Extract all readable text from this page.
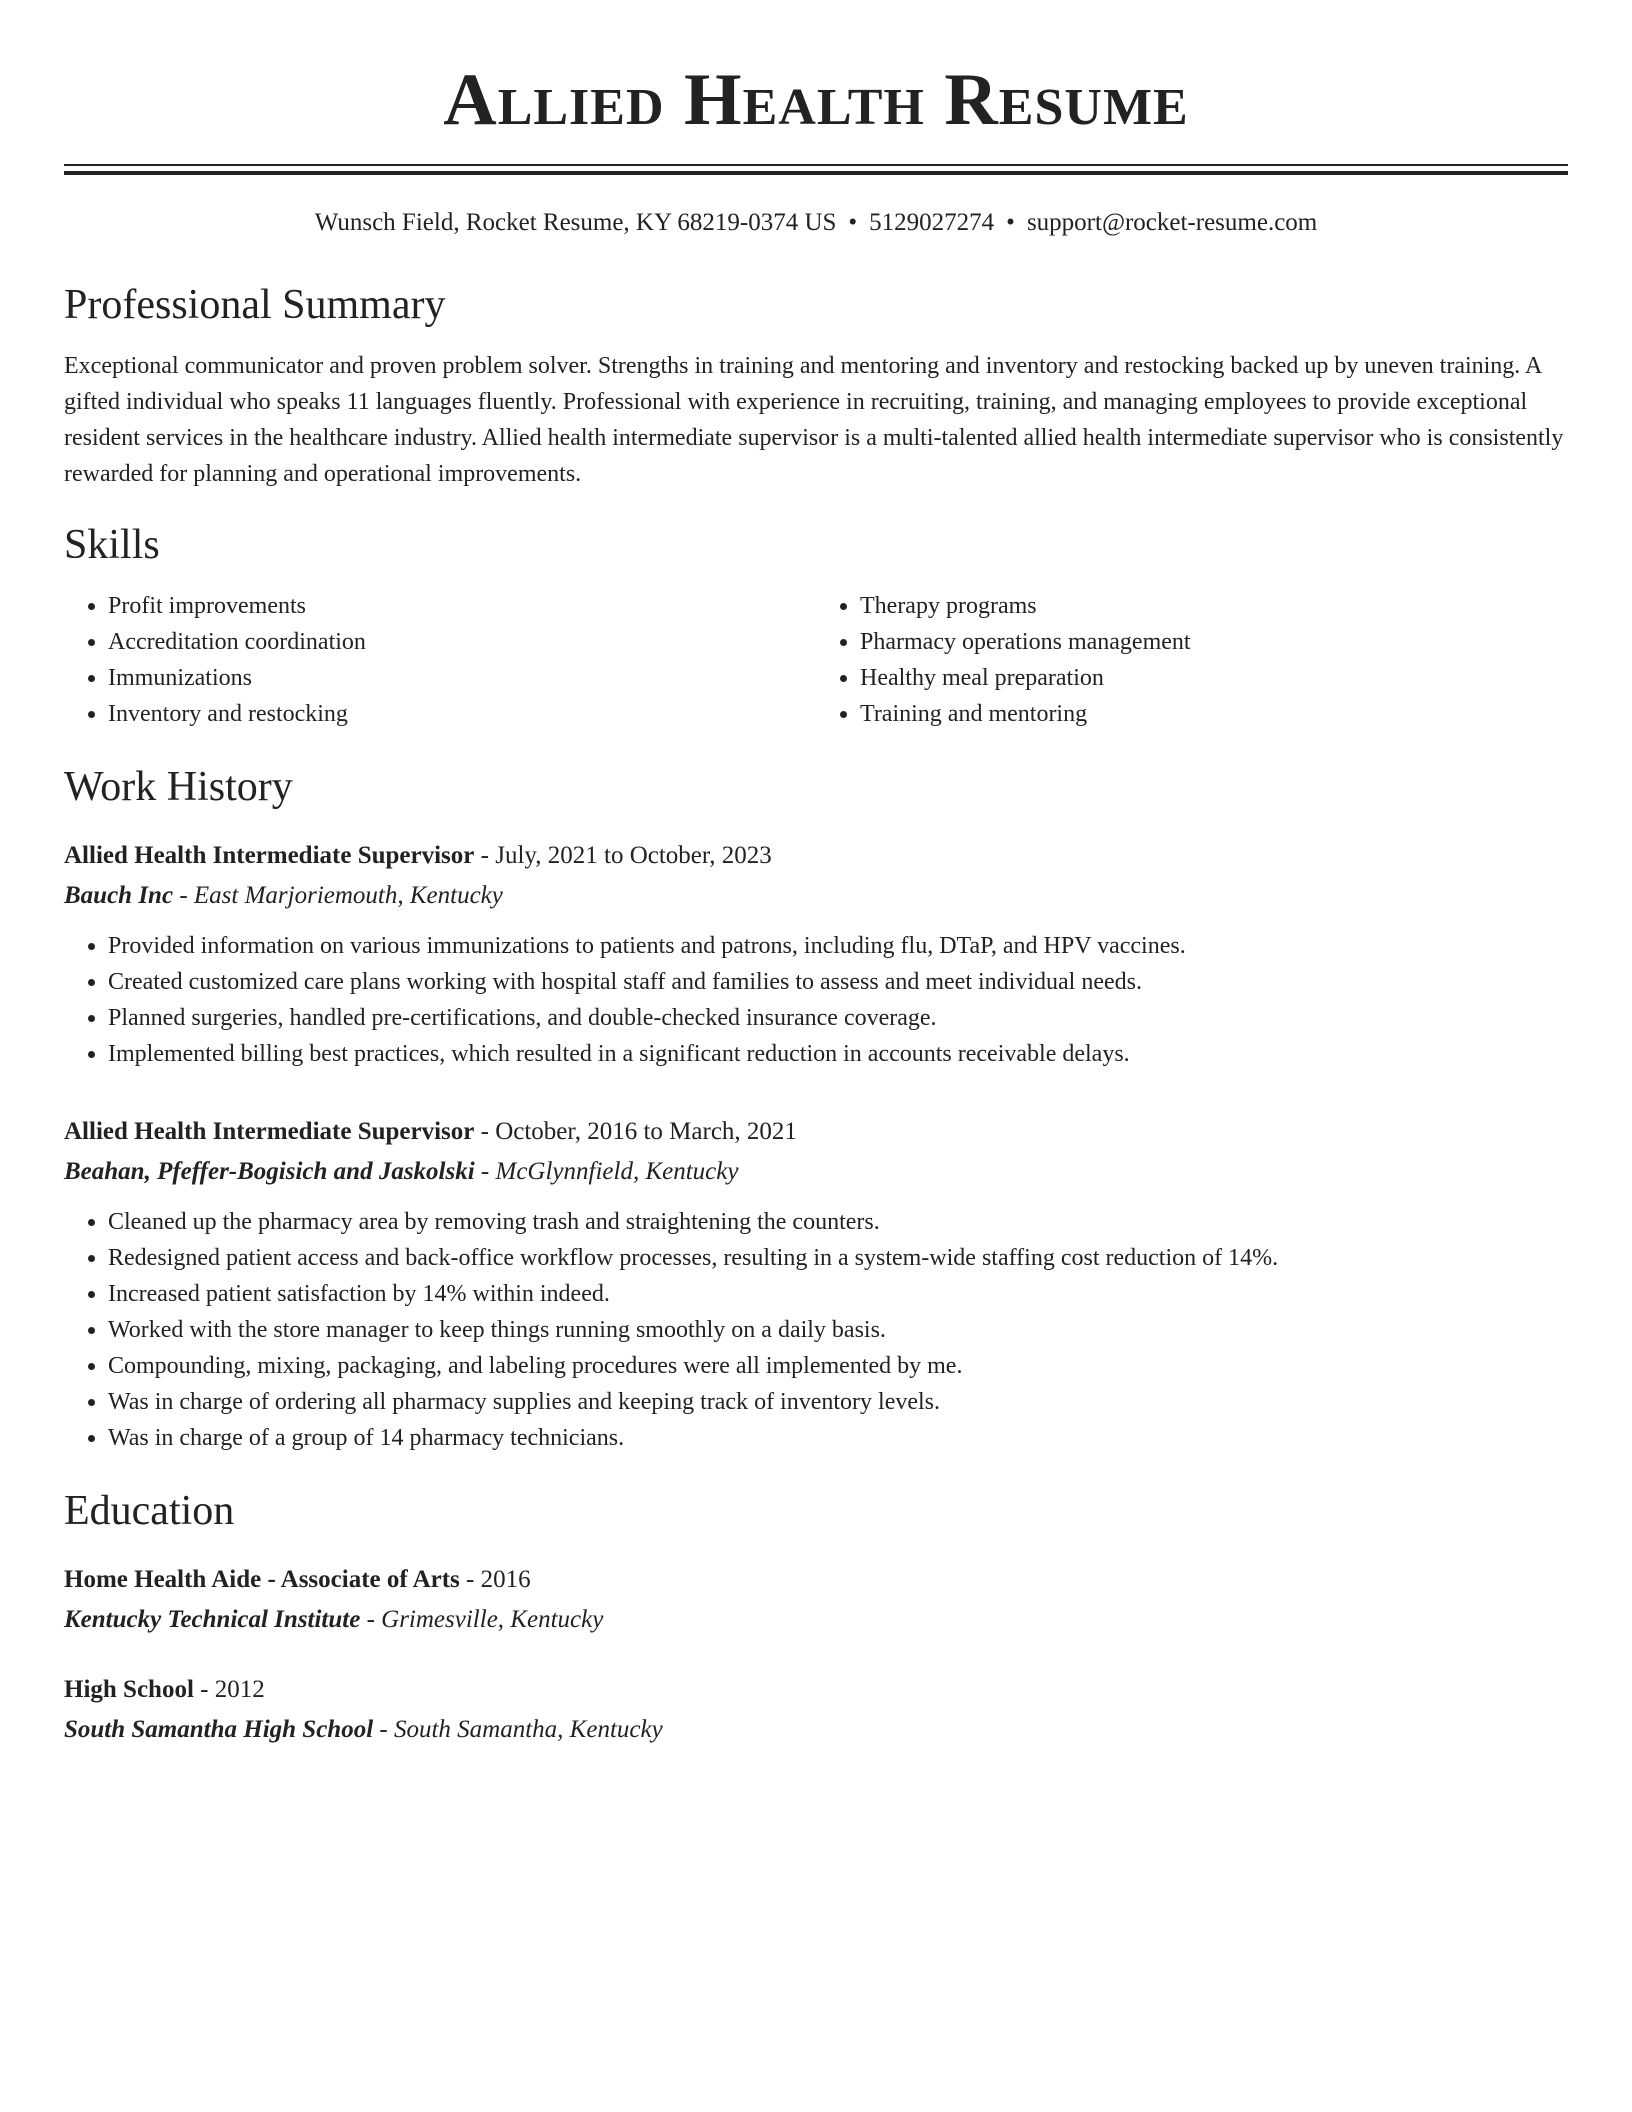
Allied Health Resume
Wunsch Field, Rocket Resume, KY 68219-0374 US • 5129027274 • support@rocket-resume.com
Professional Summary

Exceptional communicator and proven problem solver. Strengths in training and mentoring and inventory and restocking backed up by uneven training. A gifted individual who speaks 11 languages fluently. Professional with experience in recruiting, training, and managing employees to provide exceptional resident services in the healthcare industry. Allied health intermediate supervisor is a multi-talented allied health intermediate supervisor who is consistently rewarded for planning and operational improvements.

Skills
• Profit improvements
• Accreditation coordination
• Immunizations
• Inventory and restocking
• Therapy programs
• Pharmacy operations management
• Healthy meal preparation
• Training and mentoring
Work History
Allied Health Intermediate Supervisor - July, 2021 to October, 2023
Bauch Inc - East Marjoriemouth, Kentucky
• Provided information on various immunizations to patients and patrons, including flu, DTaP, and HPV vaccines.
• Created customized care plans working with hospital staff and families to assess and meet individual needs.
• Planned surgeries, handled pre-certifications, and double-checked insurance coverage.
• Implemented billing best practices, which resulted in a significant reduction in accounts receivable delays.
Allied Health Intermediate Supervisor - October, 2016 to March, 2021
Beahan, Pfeffer-Bogisich and Jaskolski - McGlynnfield, Kentucky
• Cleaned up the pharmacy area by removing trash and straightening the counters.
• Redesigned patient access and back-office workflow processes, resulting in a system-wide staffing cost reduction of 14%.
• Increased patient satisfaction by 14% within indeed.
• Worked with the store manager to keep things running smoothly on a daily basis.
• Compounding, mixing, packaging, and labeling procedures were all implemented by me.
• Was in charge of ordering all pharmacy supplies and keeping track of inventory levels.
• Was in charge of a group of 14 pharmacy technicians.
Education
Home Health Aide - Associate of Arts - 2016
Kentucky Technical Institute - Grimesville, Kentucky
High School - 2012
South Samantha High School - South Samantha, Kentucky
